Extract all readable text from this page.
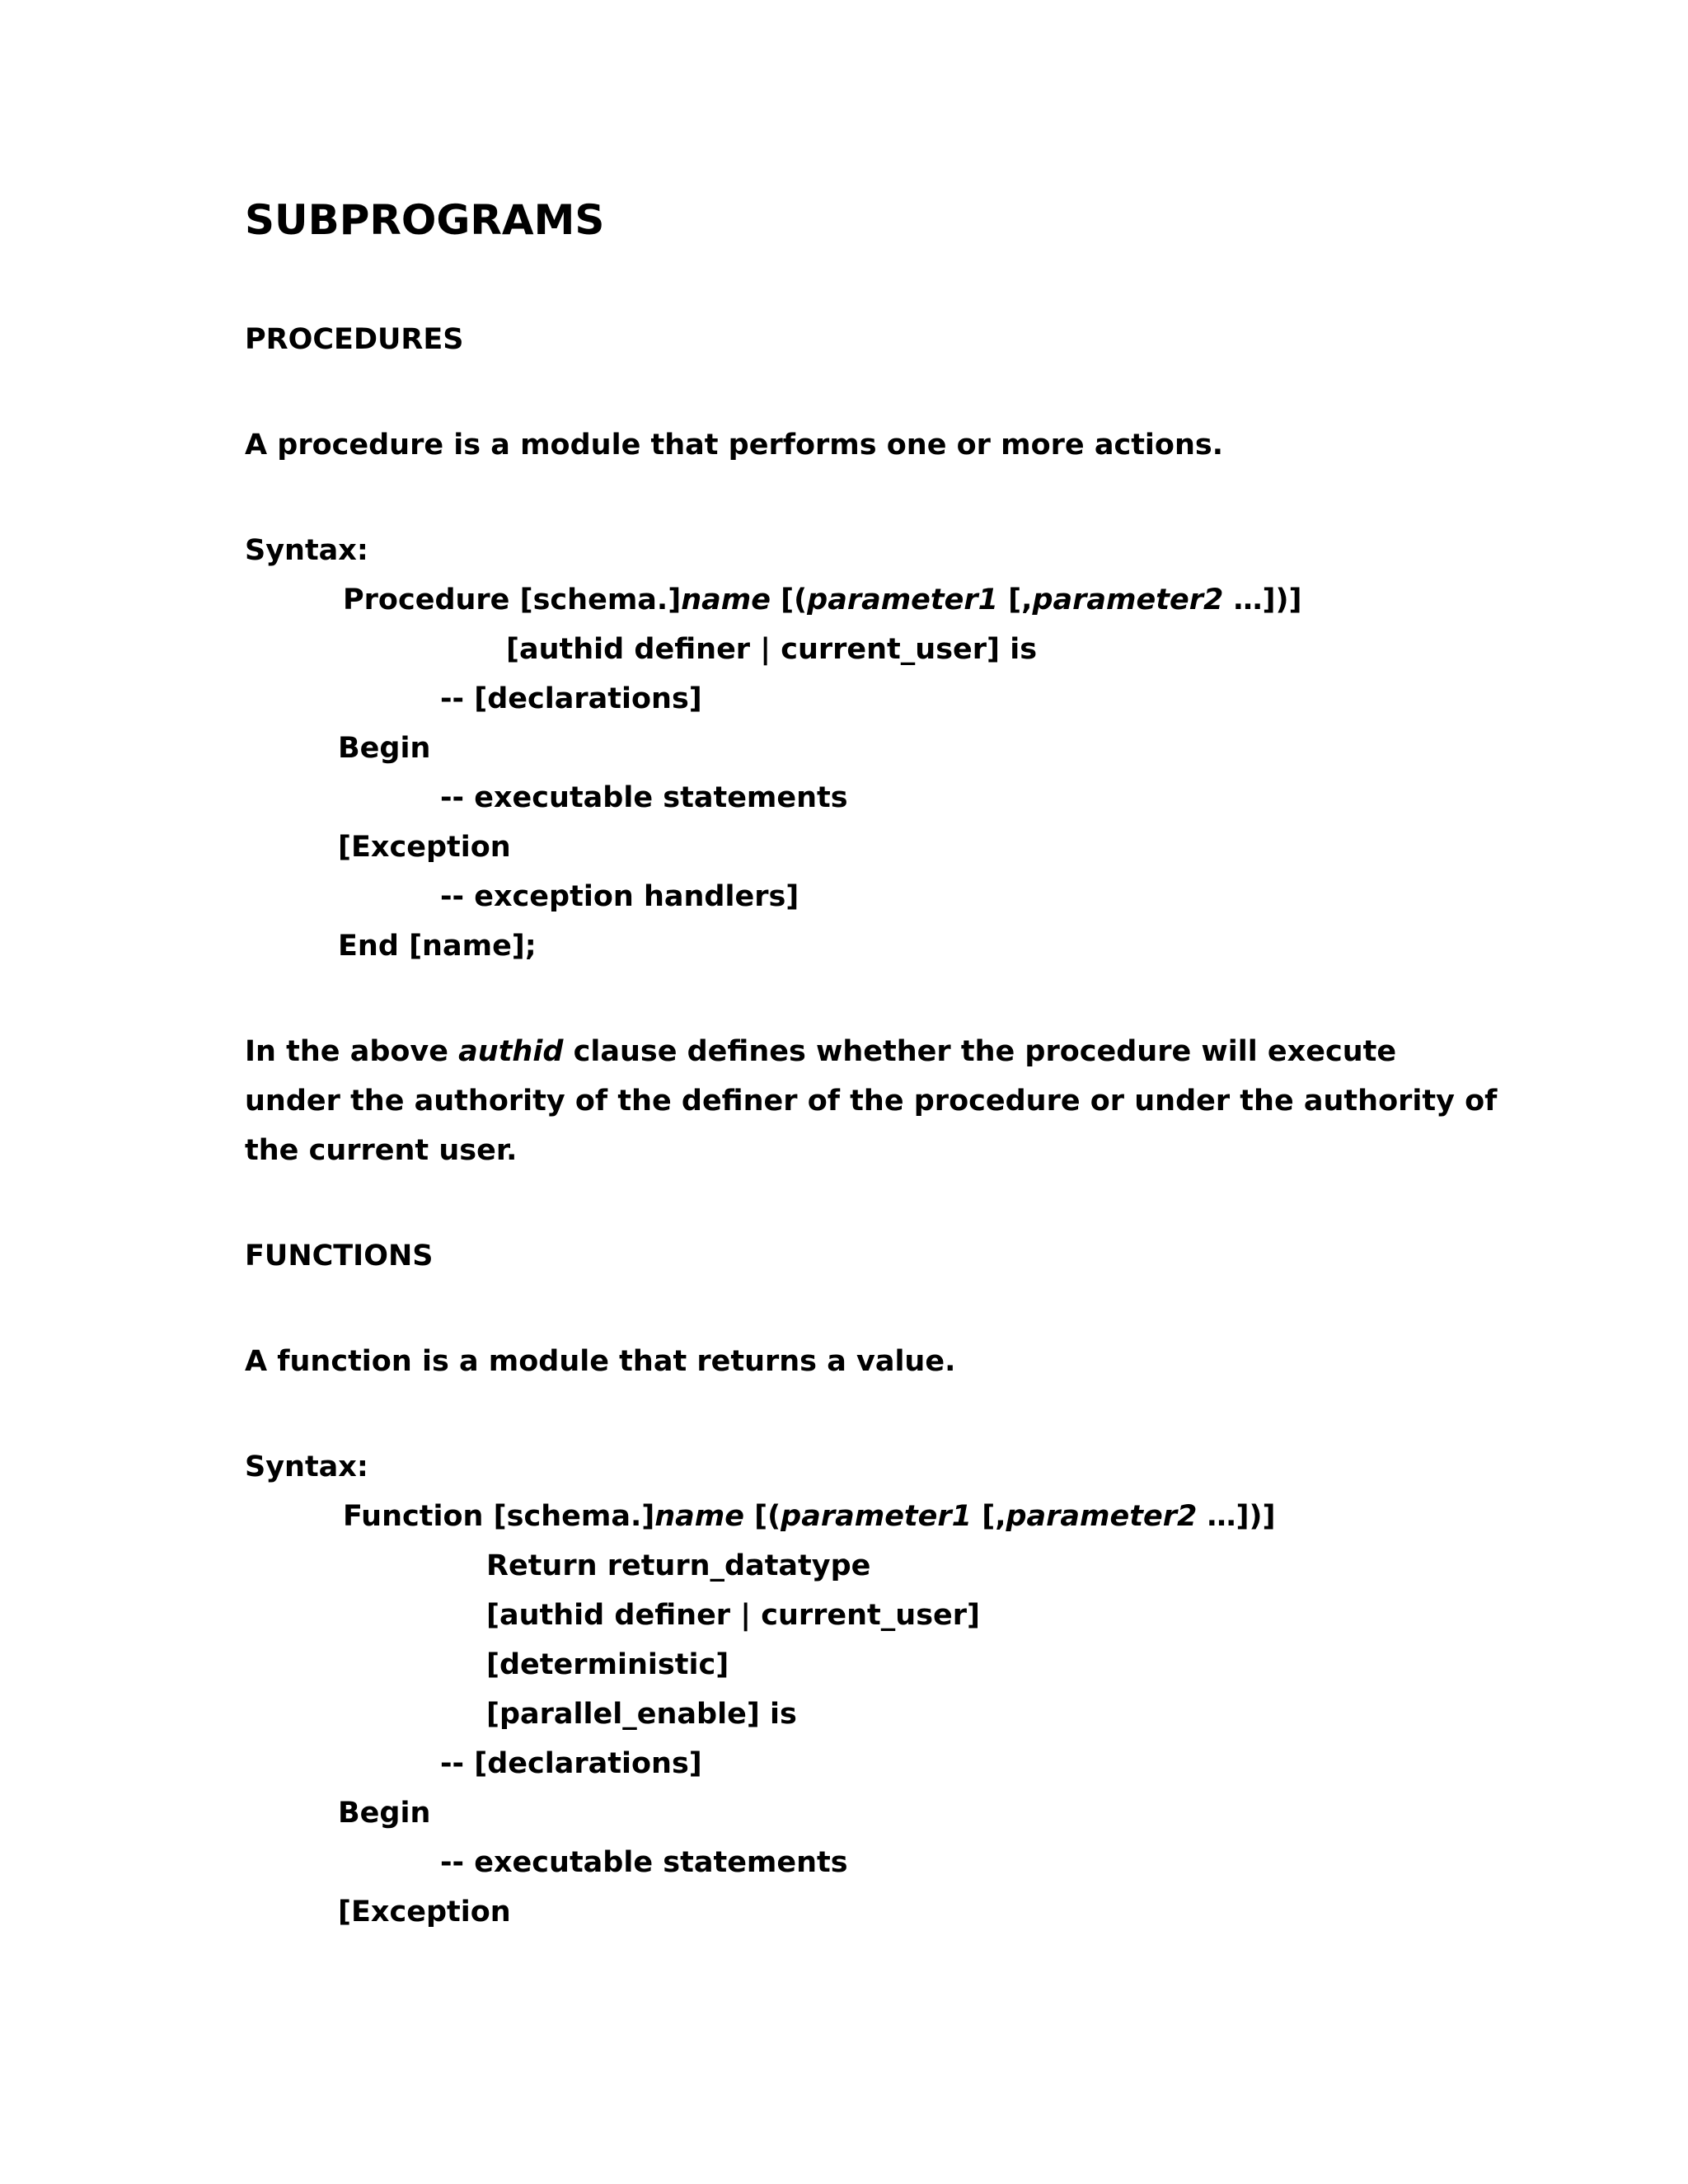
SUBPROGRAMS
PROCEDURES
A procedure is a module that performs one or more actions.
Syntax:
Procedure [schema.]name [(parameter1 [,parameter2 …])]
[authid definer | current_user] is
-- [declarations]
Begin
-- executable statements
[Exception
-- exception handlers]
End [name];
In the above authid clause defines whether the procedure will execute
under the authority of the definer of the procedure or under the authority of
the current user.
FUNCTIONS
A function is a module that returns a value.
Syntax:
Function [schema.]name [(parameter1 [,parameter2 …])]
Return return_datatype
[authid definer | current_user]
[deterministic]
[parallel_enable] is
-- [declarations]
Begin
-- executable statements
[Exception
